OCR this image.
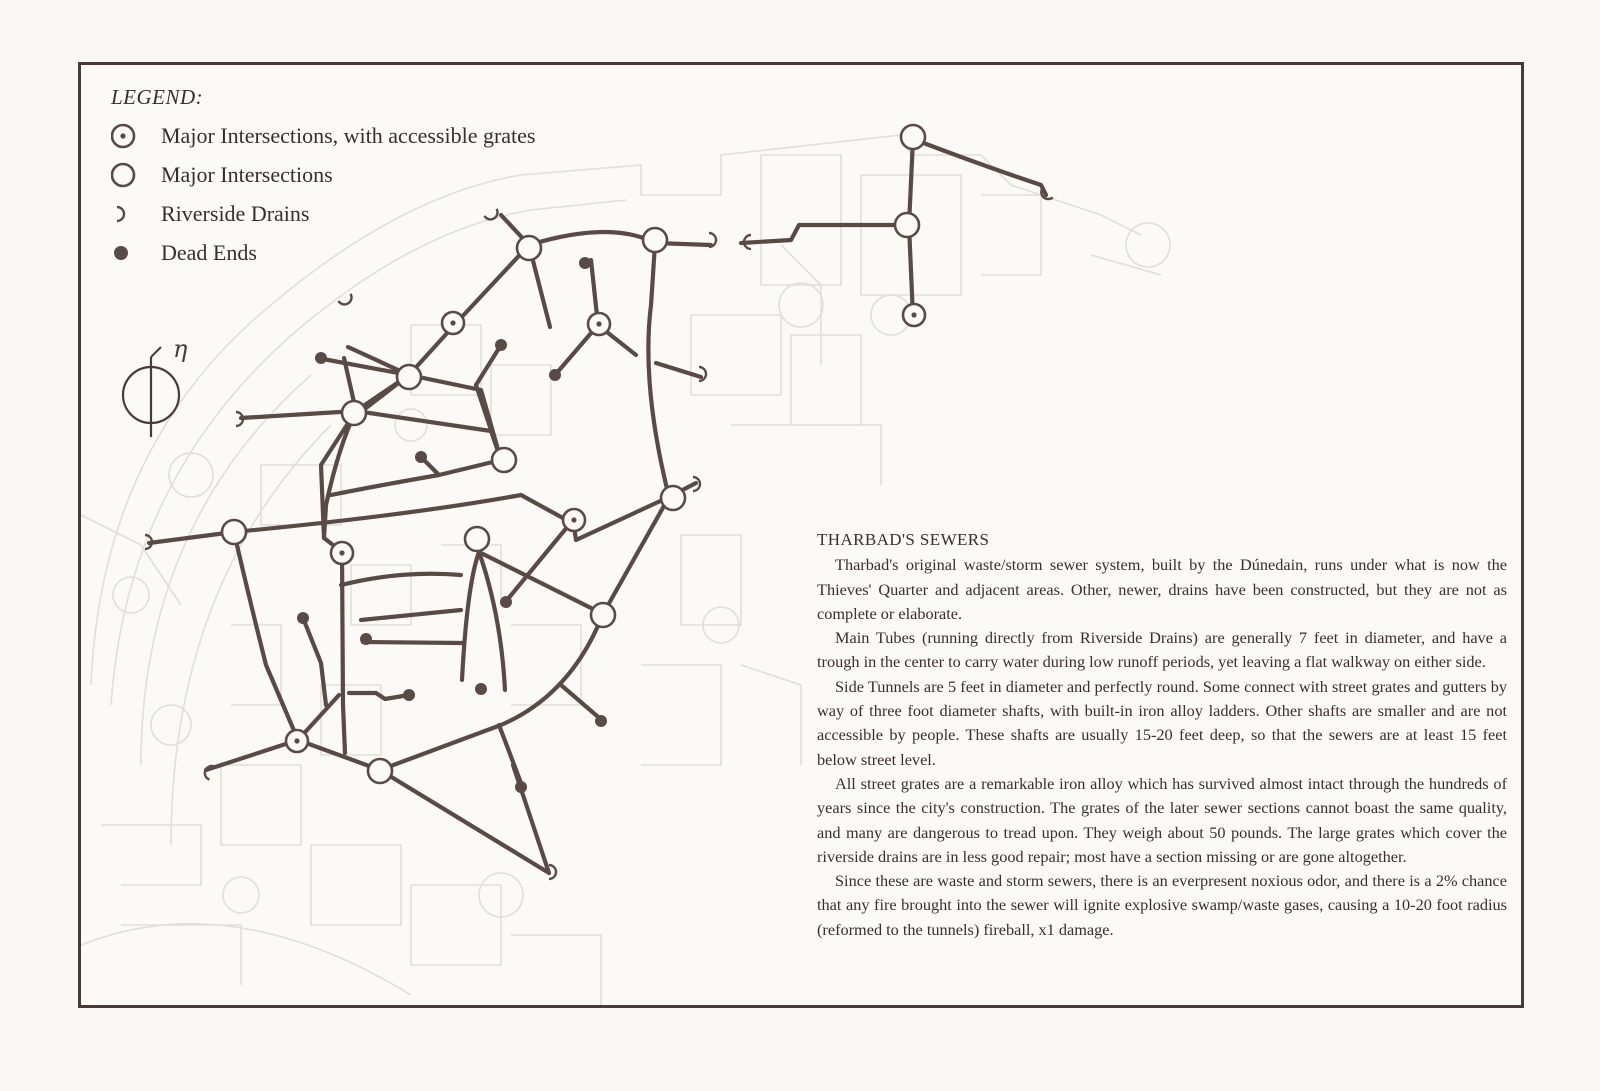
LEGEND:
Major Intersections, with accessible grates
Major Intersections
Riverside Drains
Dead Ends
η
THARBAD'S SEWERS

Tharbad's original waste/storm sewer system, built by the Dúnedain, runs under what is now the Thieves' Quarter and adjacent areas. Other, newer, drains have been constructed, but they are not as complete or elaborate.

Main Tubes (running directly from Riverside Drains) are generally 7 feet in diameter, and have a trough in the center to carry water during low runoff periods, yet leaving a flat walkway on either side.

Side Tunnels are 5 feet in diameter and perfectly round. Some connect with street grates and gutters by way of three foot diameter shafts, with built-in iron alloy ladders. Other shafts are smaller and are not accessible by people. These shafts are usually 15-20 feet deep, so that the sewers are at least 15 feet below street level.

All street grates are a remarkable iron alloy which has survived almost intact through the hundreds of years since the city's construction. The grates of the later sewer sections cannot boast the same quality, and many are dangerous to tread upon. They weigh about 50 pounds. The large grates which cover the riverside drains are in less good repair; most have a section missing or are gone altogether.

Since these are waste and storm sewers, there is an everpresent noxious odor, and there is a 2% chance that any fire brought into the sewer will ignite explosive swamp/waste gases, causing a 10-20 foot radius (reformed to the tunnels) fireball, x1 damage.
